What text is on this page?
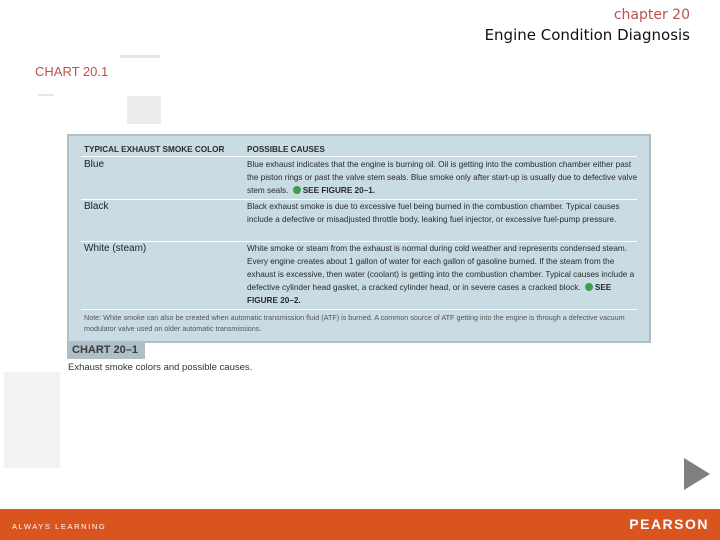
chapter 20
Engine Condition Diagnosis
CHART 20.1
TYPICAL EXHAUST SMOKE COLOR	POSSIBLE CAUSES
Blue	Blue exhaust indicates that the engine is burning oil. Oil is getting into the combustion chamber either past the piston rings or past the valve stem seals. Blue smoke only after start-up is usually due to defective valve stem seals. SEE FIGURE 20–1.
Black	Black exhaust smoke is due to excessive fuel being burned in the combustion chamber. Typical causes include a defective or misadjusted throttle body, leaking fuel injector, or excessive fuel-pump pressure.
White (steam)	White smoke or steam from the exhaust is normal during cold weather and represents condensed steam. Every engine creates about 1 gallon of water for each gallon of gasoline burned. If the steam from the exhaust is excessive, then water (coolant) is getting into the combustion chamber. Typical causes include a defective cylinder head gasket, a cracked cylinder head, or in severe cases a cracked block. SEE FIGURE 20–2.
Note: White smoke can also be created when automatic transmission fluid (ATF) is burned. A common source of ATF getting into the engine is through a defective vacuum modulator valve used on older automatic transmissions.
CHART 20–1
Exhaust smoke colors and possible causes.
ALWAYS LEARNING	PEARSON
